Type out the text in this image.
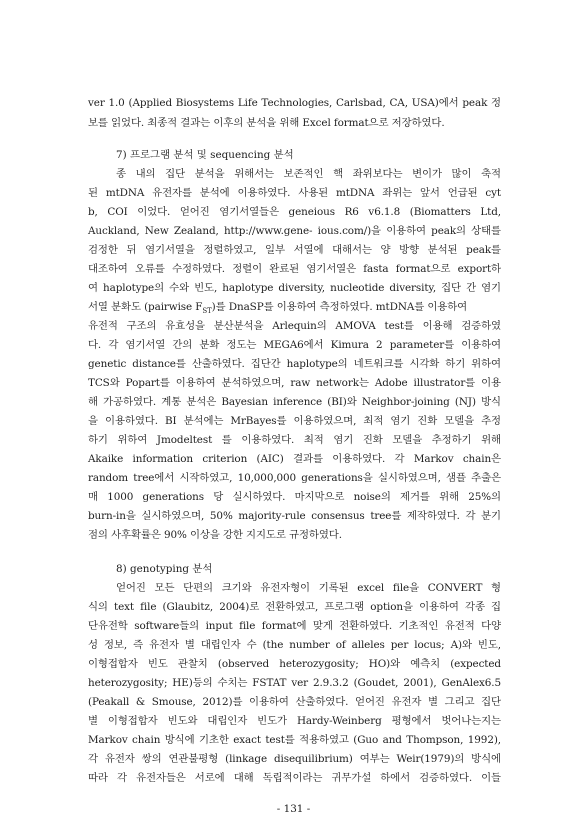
ver 1.0 (Applied Biosystems Life Technologies, Carlsbad, CA, USA)에서 peak 정
보를 읽었다. 최종적 결과는 이후의 분석을 위해 Excel format으로 저장하였다.
7) 프로그램 분석 및 sequencing 분석
종 내의 집단 분석을 위해서는 보존적인 핵 좌위보다는 변이가 많이 축적
된 mtDNA 유전자를 분석에 이용하였다. 사용된 mtDNA 좌위는 앞서 언급된 cyt
b, COI 이었다. 얻어진 염기서열들은 geneious R6 v6.1.8 (Biomatters Ltd,
Auckland, New Zealand, http://www.gene- ious.com/)을 이용하여 peak의 상태를
검정한 뒤 염기서열을 정렬하였고, 일부 서열에 대해서는 양 방향 분석된 peak를
대조하여 오류를 수정하였다. 정렬이 완료된 염기서열은 fasta format으로 export하
여 haplotype의 수와 빈도, haplotype diversity, nucleotide diversity, 집단 간 염기
서열 분화도 (pairwise $F_{ST}$)를 DnaSP를 이용하여 측정하였다. mtDNA를 이용하여
유전적 구조의 유효성을 분산분석을 Arlequin의 AMOVA test를 이용해 검증하였
다. 각 염기서열 간의 분화 정도는 MEGA6에서 Kimura 2 parameter를 이용하여
genetic distance를 산출하였다. 집단간 haplotype의 네트워크를 시각화 하기 위하여
TCS와 Popart를 이용하여 분석하였으며, raw network는 Adobe illustrator를 이용
해 가공하였다. 계통 분석은 Bayesian inference (BI)와 Neighbor-joining (NJ) 방식
을 이용하였다. BI 분석에는 MrBayes를 이용하였으며, 최적 염기 진화 모델을 추정
하기 위하여 Jmodeltest 를 이용하였다. 최적 염기 진화 모델을 추정하기 위해
Akaike information criterion (AIC) 결과를 이용하였다. 각 Markov chain은
random tree에서 시작하였고, 10,000,000 generations을 실시하였으며, 샘플 추출은
매 1000 generations 당 실시하였다. 마지막으로 noise의 제거를 위해 25%의
burn-in을 실시하였으며, 50% majority-rule consensus tree를 제작하였다. 각 분기
점의 사후확률은 90% 이상을 강한 지지도로 규정하였다.
8) genotyping 분석
얻어진 모든 단편의 크기와 유전자형이 기록된 excel file을 CONVERT 형
식의 text file (Glaubitz, 2004)로 전환하였고, 프로그램 option을 이용하여 각종 집
단유전학 software들의 input file format에 맞게 전환하였다. 기초적인 유전적 다양
성 정보, 즉 유전자 별 대립인자 수 (the number of alleles per locus; A)와 빈도,
이형접합자 빈도 관찰치 (observed heterozygosity; HO)와 예측치 (expected
heterozygosity; HE)등의 수치는 FSTAT ver 2.9.3.2 (Goudet, 2001), GenAlex6.5
(Peakall & Smouse, 2012)를 이용하여 산출하였다. 얻어진 유전자 별 그리고 집단
별 이형접합자 빈도와 대립인자 빈도가 Hardy-Weinberg 평형에서 벗어나는지는
Markov chain 방식에 기초한 exact test를 적용하였고 (Guo and Thompson, 1992),
각 유전자 쌍의 연관불평형 (linkage disequilibrium) 여부는 Weir(1979)의 방식에
따라 각 유전자들은 서로에 대해 독립적이라는 귀무가설 하에서 검증하였다. 이들
- 131 -
